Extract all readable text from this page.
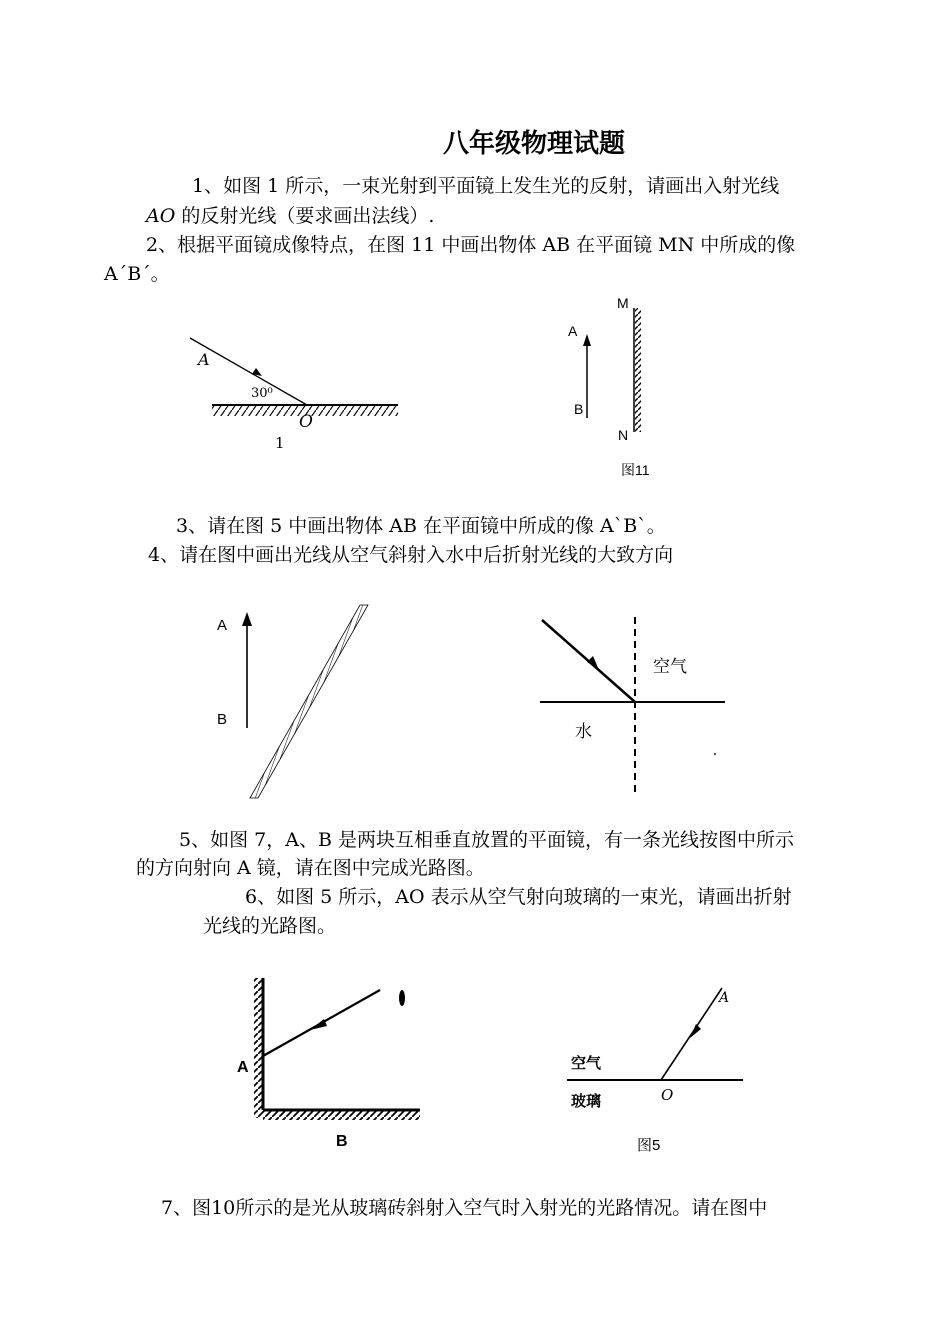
八年级物理试题
1、如图 1 所示，一束光射到平面镜上发生光的反射，请画出入射光线
AO 的反射光线（要求画出法线）.
2、根据平面镜成像特点，在图 11 中画出物体 AB 在平面镜 MN 中所成的像
A´B´。
A
30⁰
O
1
M
A
B
N
图11
3、请在图 5 中画出物体 AB 在平面镜中所成的像 A`B`。
4、请在图中画出光线从空气斜射入水中后折射光线的大致方向
A
B
空气
水
5、如图 7，A、B 是两块互相垂直放置的平面镜，有一条光线按图中所示
的方向射向 A 镜，请在图中完成光路图。
6、如图 5 所示，AO 表示从空气射向玻璃的一束光，请画出折射
光线的光路图。
A
B
A
空气
玻璃	O
图5
7、图10所示的是光从玻璃砖斜射入空气时入射光的光路情况。请在图中
